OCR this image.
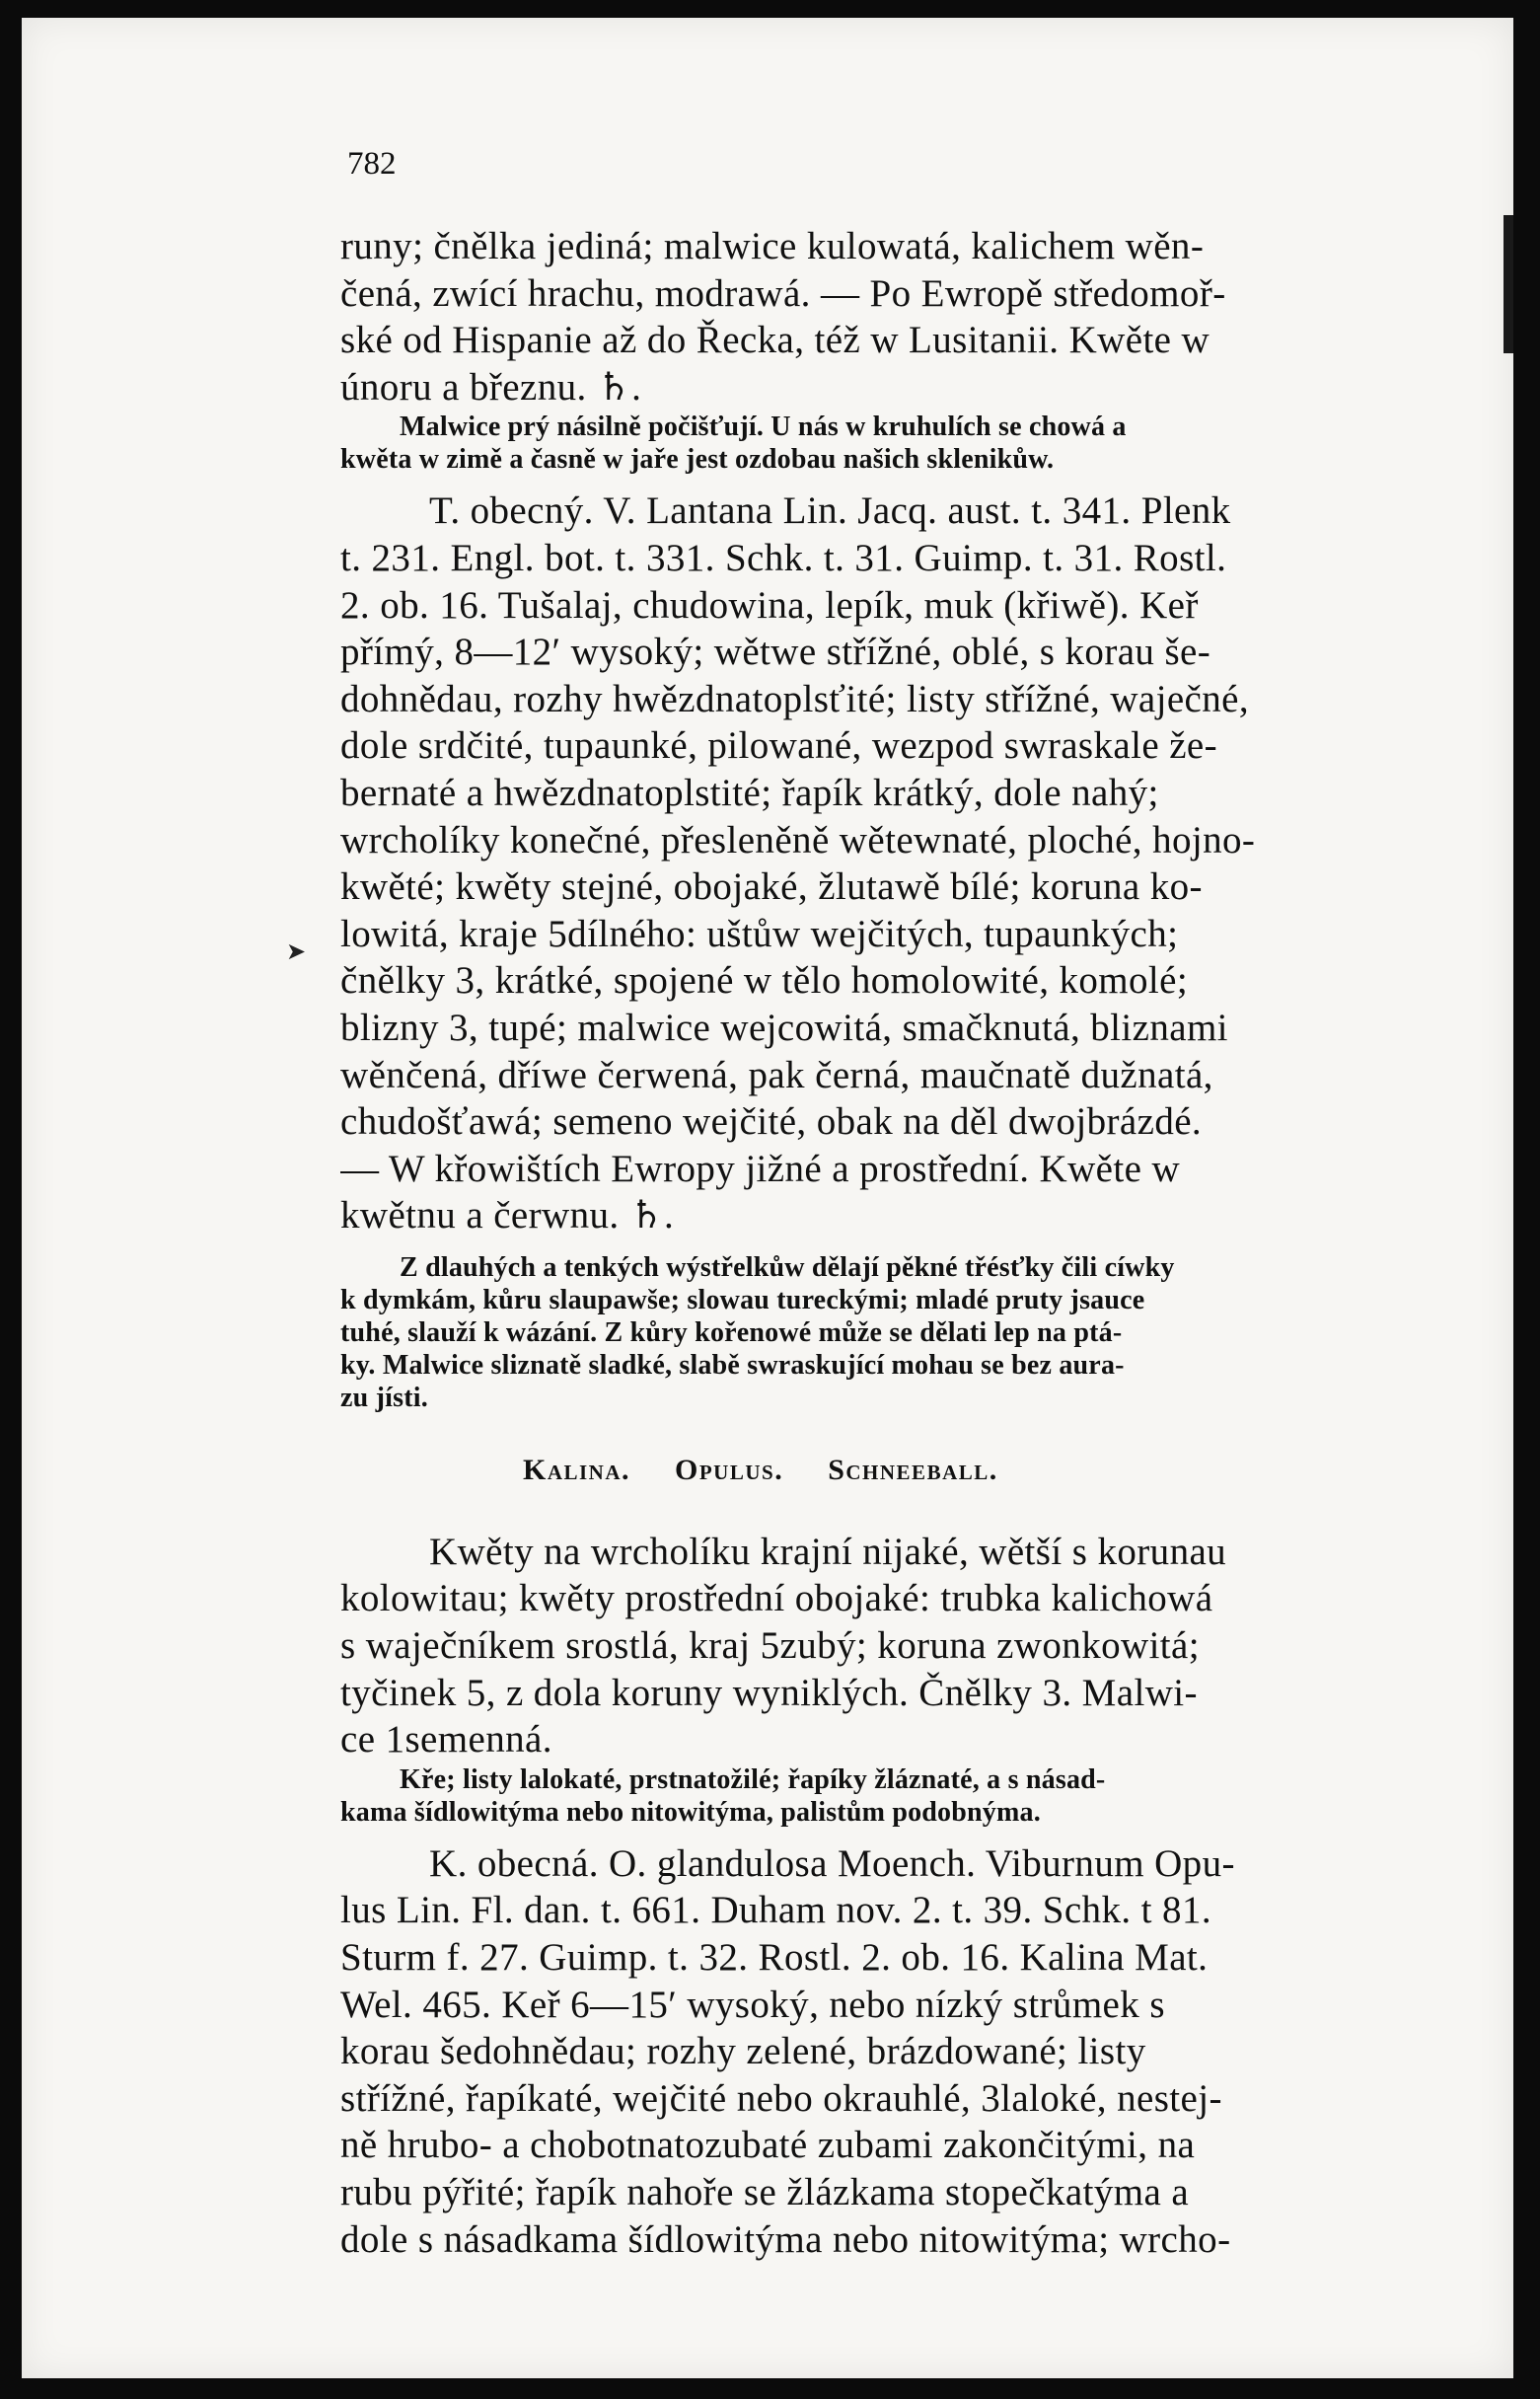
782
➤
runy; čnělka jediná; malwice kulowatá, kalichem wěn-
čená, zwící hrachu, modrawá. — Po Ewropě středomoř-
ské od Hispanie až do Řecka, též w Lusitanii. Kwěte w
únoru a březnu. ♄.
Malwice prý násilně počišťují. U nás w kruhulích se chowá a
kwěta w zimě a časně w jaře jest ozdobau našich sklenikůw.
T. obecný. V. Lantana Lin. Jacq. aust. t. 341. Plenk
t. 231. Engl. bot. t. 331. Schk. t. 31. Guimp. t. 31. Rostl.
2. ob. 16. Tušalaj, chudowina, lepík, muk (křiwě). Keř
přímý, 8—12′ wysoký; wětwe střížné, oblé, s korau še-
dohnědau, rozhy hwězdnatoplsťité; listy střížné, waječné,
dole srdčité, tupaunké, pilowané, wezpod swraskale že-
bernaté a hwězdnatoplstité; řapík krátký, dole nahý;
wrcholíky konečné, přesleněně wětewnaté, ploché, hojno-
kwěté; kwěty stejné, obojaké, žlutawě bílé; koruna ko-
lowitá, kraje 5dílného: uštůw wejčitých, tupaunkých;
čnělky 3, krátké, spojené w tělo homolowité, komolé;
blizny 3, tupé; malwice wejcowitá, smačknutá, bliznami
wěnčená, dříwe čerwená, pak černá, maučnatě dužnatá,
chudošťawá; semeno wejčité, obak na děl dwojbrázdé.
— W křowištích Ewropy jižné a prostřední. Kwěte w
kwětnu a čerwnu. ♄.
Z dlauhých a tenkých wýstřelkůw dělají pěkné třésťky čili cíwky
k dymkám, kůru slaupawše; slowau tureckými; mladé pruty jsauce
tuhé, slauží k wázání. Z kůry kořenowé může se dělati lep na ptá-
ky. Malwice sliznatě sladké, slabě swraskující mohau se bez aura-
zu jísti.
Kalina. Opulus. Schneeball.
Kwěty na wrcholíku krajní nijaké, wětší s korunau
kolowitau; kwěty prostřední obojaké: trubka kalichowá
s waječníkem srostlá, kraj 5zubý; koruna zwonkowitá;
tyčinek 5, z dola koruny wyniklých. Čnělky 3. Malwi-
ce 1semenná.
Kře; listy lalokaté, prstnatožilé; řapíky žláznaté, a s násad-
kama šídlowitýma nebo nitowitýma, palistům podobnýma.
K. obecná. O. glandulosa Moench. Viburnum Opu-
lus Lin. Fl. dan. t. 661. Duham nov. 2. t. 39. Schk. t 81.
Sturm f. 27. Guimp. t. 32. Rostl. 2. ob. 16. Kalina Mat.
Wel. 465. Keř 6—15′ wysoký, nebo nízký strůmek s
korau šedohnědau; rozhy zelené, brázdowané; listy
střížné, řapíkaté, wejčité nebo okrauhlé, 3laloké, nestej-
ně hrubo- a chobotnatozubaté zubami zakončitými, na
rubu pýřité; řapík nahoře se žlázkama stopečkatýma a
dole s násadkama šídlowitýma nebo nitowitýma; wrcho-
